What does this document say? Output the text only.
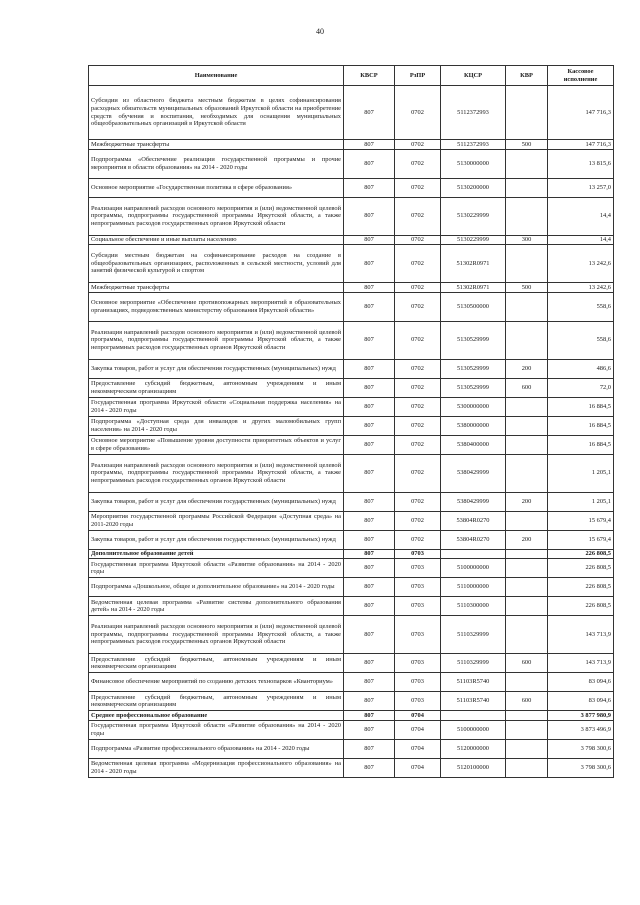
40
Наименование	КВСР	РзПР	КЦСР	КВР	Кассовое исполнение
Субсидии из областного бюджета местным бюджетам в целях софинансирования расходных обязательств муниципальных образований Иркутской области на приобретение средств обучения и воспитания, необходимых для оснащения муниципальных общеобразовательных организаций в Иркутской области	807	0702	5112372993		147 716,3
Межбюджетные трансферты	807	0702	5112372993	500	147 716,3
Подпрограмма «Обеспечение реализации государственной программы и прочие мероприятия в области образования» на 2014 - 2020 годы	807	0702	5130000000		13 815,6
Основное мероприятие «Государственная политика в сфере образования»	807	0702	5130200000		13 257,0
Реализация направлений расходов основного мероприятия и (или) ведомственной целевой программы, подпрограммы государственной программы Иркутской области, а также непрограммных расходов государственных органов Иркутской области	807	0702	5130229999		14,4
Социальное обеспечение и иные выплаты населению	807	0702	5130229999	300	14,4
Субсидии местным бюджетам на софинансирование расходов на создание в общеобразовательных организациях, расположенных в сельской местности, условий для занятий физической культурой и спортом	807	0702	51302R0971		13 242,6
Межбюджетные трансферты	807	0702	51302R0971	500	13 242,6
Основное мероприятие «Обеспечение противопожарных мероприятий в образовательных организациях, подведомственных министерству образования Иркутской области»	807	0702	5130500000		558,6
Реализация направлений расходов основного мероприятия и (или) ведомственной целевой программы, подпрограммы государственной программы Иркутской области, а также непрограммных расходов государственных органов Иркутской области	807	0702	5130529999		558,6
Закупка товаров, работ и услуг для обеспечения государственных (муниципальных) нужд	807	0702	5130529999	200	486,6
Предоставление субсидий бюджетным, автономным учреждениям и иным некоммерческим организациям	807	0702	5130529999	600	72,0
Государственная программа Иркутской области «Социальная поддержка населения» на 2014 - 2020 годы	807	0702	5300000000		16 884,5
Подпрограмма «Доступная среда для инвалидов и других маломобильных групп населения» на 2014 - 2020 годы	807	0702	5380000000		16 884,5
Основное мероприятие «Повышение уровня доступности приоритетных объектов и услуг в сфере образования»	807	0702	5380400000		16 884,5
Реализация направлений расходов основного мероприятия и (или) ведомственной целевой программы, подпрограммы государственной программы Иркутской области, а также непрограммных расходов государственных органов Иркутской области	807	0702	5380429999		1 205,1
Закупка товаров, работ и услуг для обеспечения государственных (муниципальных) нужд	807	0702	5380429999	200	1 205,1
Мероприятия государственной программы Российской Федерации «Доступная среда» на 2011-2020 годы	807	0702	53804R0270		15 679,4
Закупка товаров, работ и услуг для обеспечения государственных (муниципальных) нужд	807	0702	53804R0270	200	15 679,4
Дополнительное образование детей	807	0703			226 808,5
Государственная программа Иркутской области «Развитие образования» на 2014 - 2020 годы	807	0703	5100000000		226 808,5
Подпрограмма «Дошкольное, общее и дополнительное образование» на 2014 - 2020 годы	807	0703	5110000000		226 808,5
Ведомственная целевая программа «Развитие системы дополнительного образования детей» на 2014 - 2020 годы	807	0703	5110300000		226 808,5
Реализация направлений расходов основного мероприятия и (или) ведомственной целевой программы, подпрограммы государственной программы Иркутской области, а также непрограммных расходов государственных органов Иркутской области	807	0703	5110329999		143 713,9
Предоставление субсидий бюджетным, автономным учреждениям и иным некоммерческим организациям	807	0703	5110329999	600	143 713,9
Финансовое обеспечение мероприятий по созданию детских технопарков «Кванториум»	807	0703	51103R5740		83 094,6
Предоставление субсидий бюджетным, автономным учреждениям и иным некоммерческим организациям	807	0703	51103R5740	600	83 094,6
Среднее профессиональное образование	807	0704			3 877 980,9
Государственная программа Иркутской области «Развитие образования» на 2014 - 2020 годы	807	0704	5100000000		3 873 496,9
Подпрограмма «Развитие профессионального образования» на 2014 - 2020 годы	807	0704	5120000000		3 798 300,6
Ведомственная целевая программа «Модернизация профессионального образования» на 2014 - 2020 годы	807	0704	5120100000		3 798 300,6
